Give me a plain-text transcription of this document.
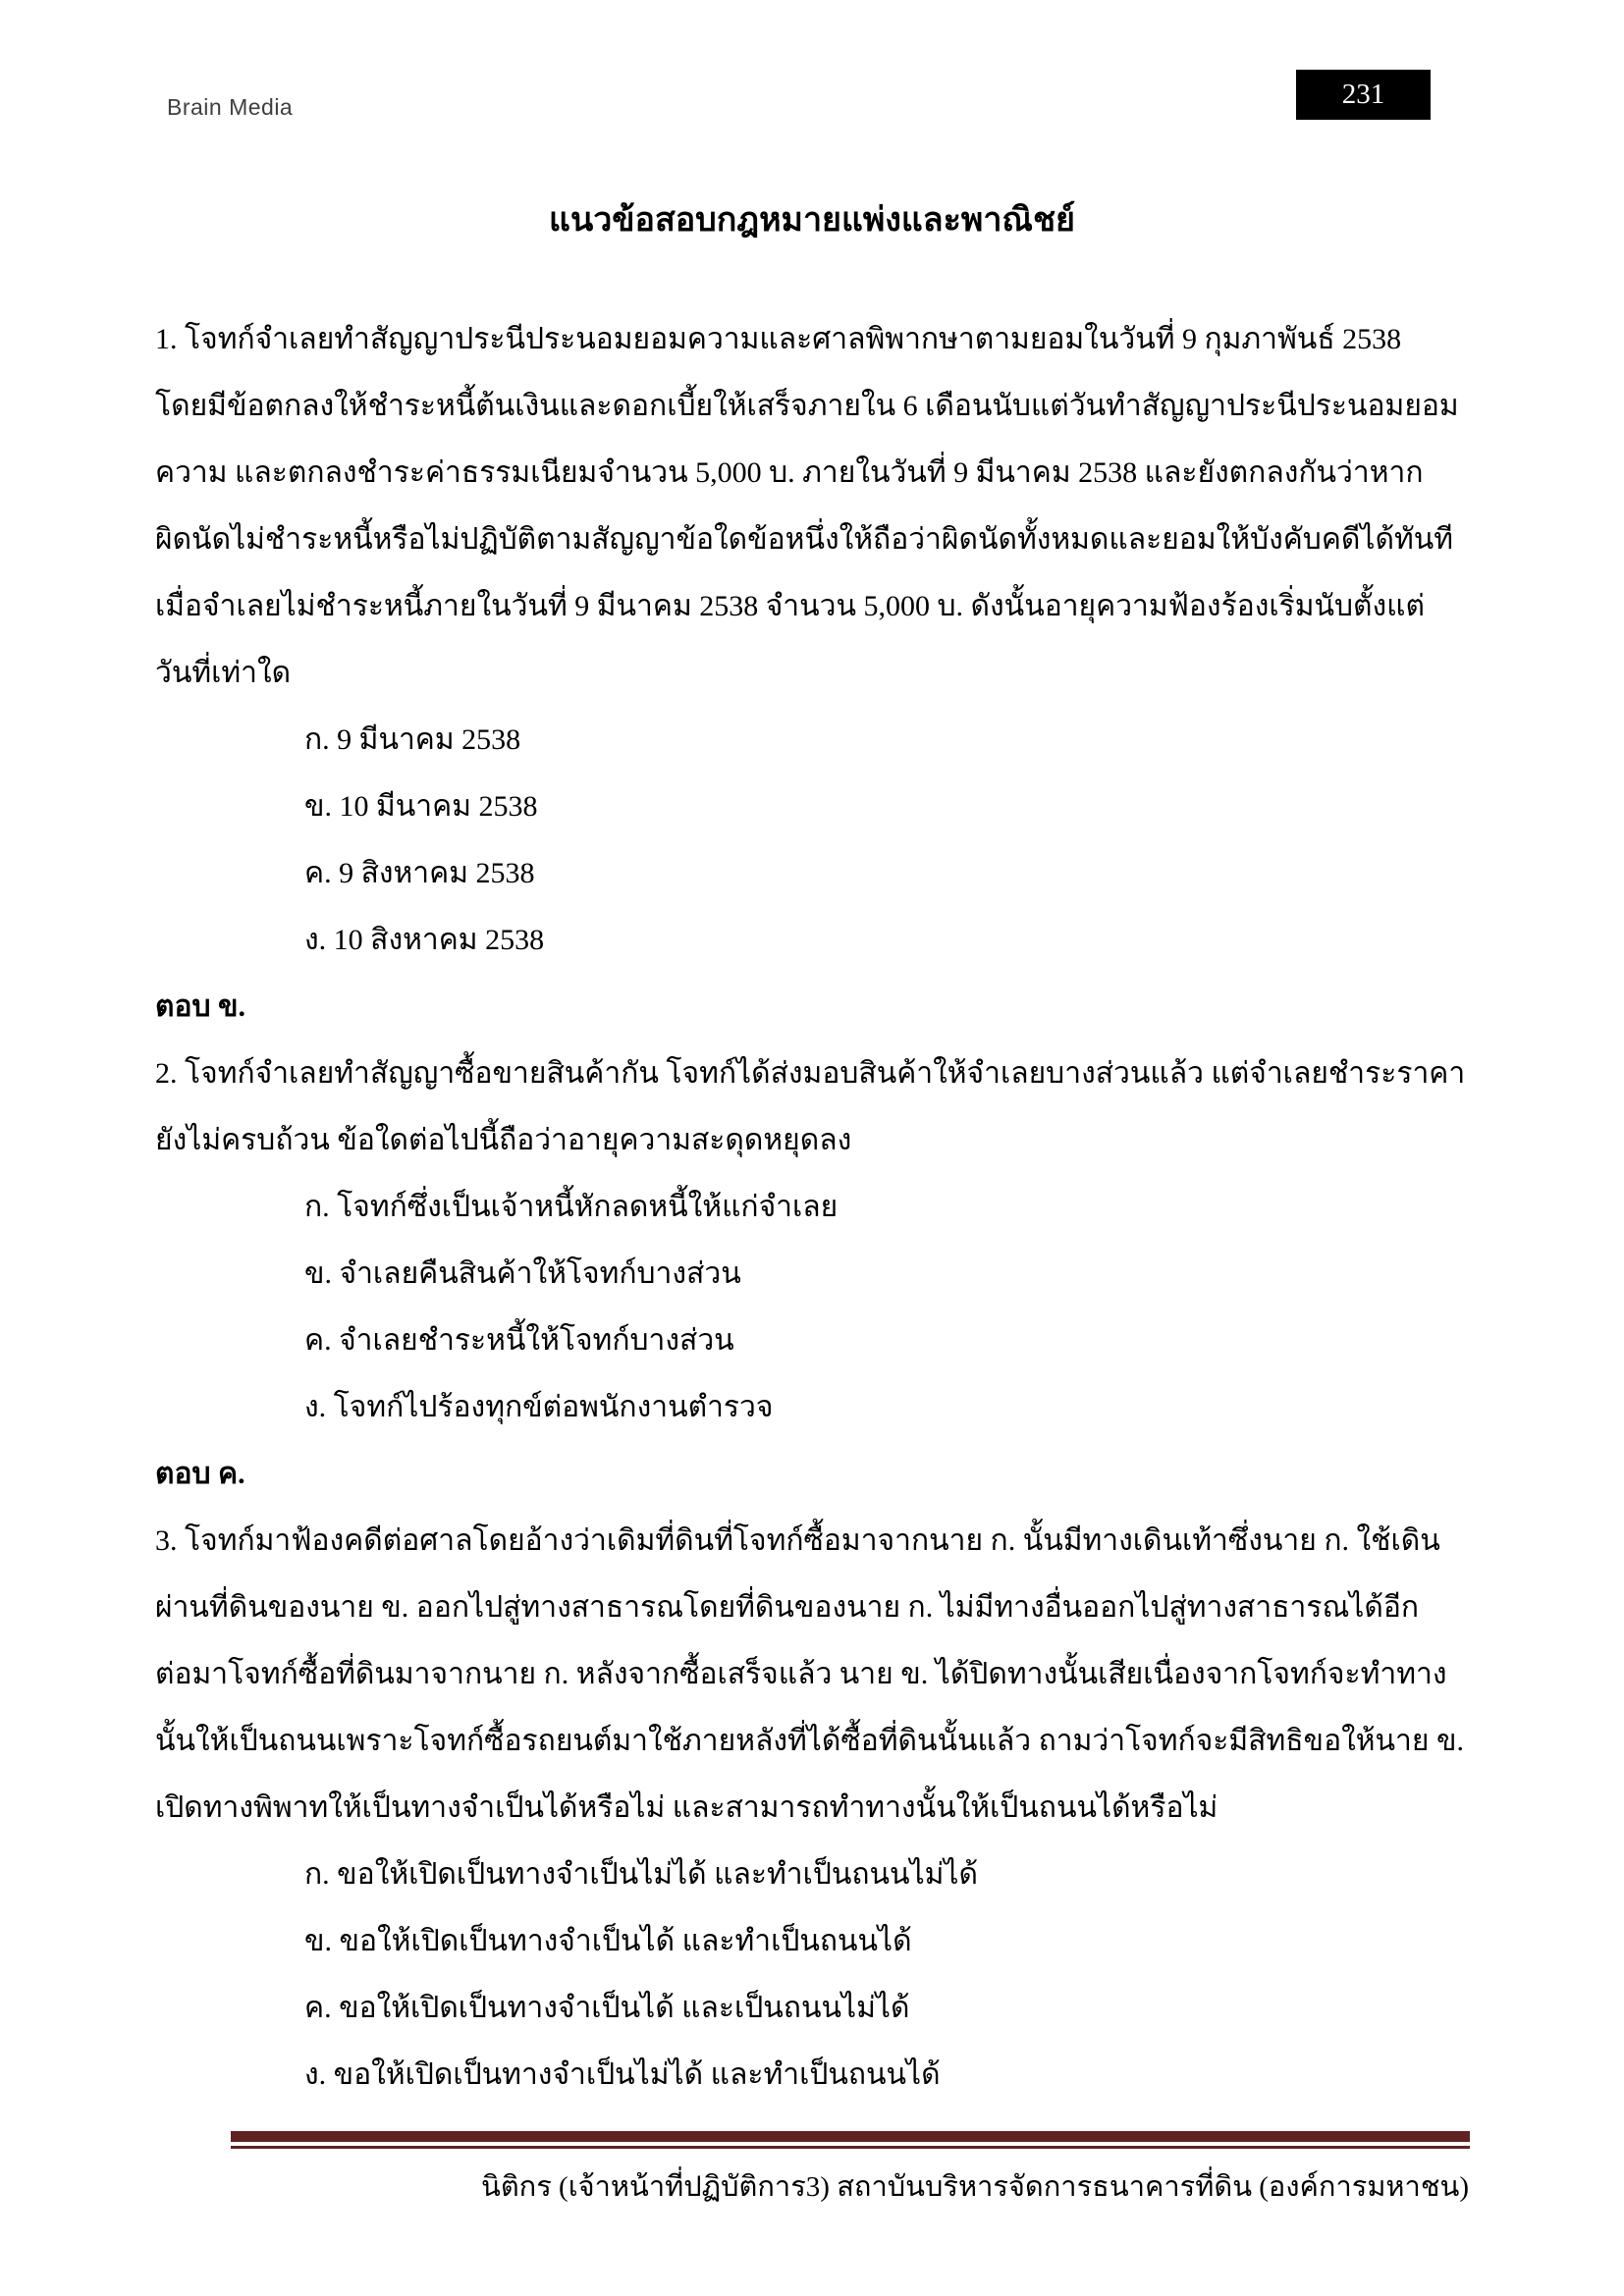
Brain Media	231
แนวข้อสอบกฎหมายแพ่งและพาณิชย์
1. โจทก์จำเลยทำสัญญาประนีประนอมยอมความและศาลพิพากษาตามยอมในวันที่ 9 กุมภาพันธ์ 2538
โดยมีข้อตกลงให้ชำระหนี้ต้นเงินและดอกเบี้ยให้เสร็จภายใน 6 เดือนนับแต่วันทำสัญญาประนีประนอมยอม
ความ และตกลงชำระค่าธรรมเนียมจำนวน 5,000 บ. ภายในวันที่ 9 มีนาคม 2538 และยังตกลงกันว่าหาก
ผิดนัดไม่ชำระหนี้หรือไม่ปฏิบัติตามสัญญาข้อใดข้อหนึ่งให้ถือว่าผิดนัดทั้งหมดและยอมให้บังคับคดีได้ทันที
เมื่อจำเลยไม่ชำระหนี้ภายในวันที่ 9 มีนาคม 2538 จำนวน 5,000 บ. ดังนั้นอายุความฟ้องร้องเริ่มนับตั้งแต่
วันที่เท่าใด
ก. 9 มีนาคม 2538
ข. 10 มีนาคม 2538
ค. 9 สิงหาคม 2538
ง. 10 สิงหาคม 2538
ตอบ ข.
2. โจทก์จำเลยทำสัญญาซื้อขายสินค้ากัน โจทก์ได้ส่งมอบสินค้าให้จำเลยบางส่วนแล้ว แต่จำเลยชำระราคา
ยังไม่ครบถ้วน ข้อใดต่อไปนี้ถือว่าอายุความสะดุดหยุดลง
ก. โจทก์ซึ่งเป็นเจ้าหนี้หักลดหนี้ให้แก่จำเลย
ข. จำเลยคืนสินค้าให้โจทก์บางส่วน
ค. จำเลยชำระหนี้ให้โจทก์บางส่วน
ง. โจทก์ไปร้องทุกข์ต่อพนักงานตำรวจ
ตอบ ค.
3. โจทก์มาฟ้องคดีต่อศาลโดยอ้างว่าเดิมที่ดินที่โจทก์ซื้อมาจากนาย ก. นั้นมีทางเดินเท้าซึ่งนาย ก. ใช้เดิน
ผ่านที่ดินของนาย ข. ออกไปสู่ทางสาธารณโดยที่ดินของนาย ก. ไม่มีทางอื่นออกไปสู่ทางสาธารณได้อีก
ต่อมาโจทก์ซื้อที่ดินมาจากนาย ก. หลังจากซื้อเสร็จแล้ว นาย ข. ได้ปิดทางนั้นเสียเนื่องจากโจทก์จะทำทาง
นั้นให้เป็นถนนเพราะโจทก์ซื้อรถยนต์มาใช้ภายหลังที่ได้ซื้อที่ดินนั้นแล้ว ถามว่าโจทก์จะมีสิทธิขอให้นาย ข.
เปิดทางพิพาทให้เป็นทางจำเป็นได้หรือไม่ และสามารถทำทางนั้นให้เป็นถนนได้หรือไม่
ก. ขอให้เปิดเป็นทางจำเป็นไม่ได้ และทำเป็นถนนไม่ได้
ข. ขอให้เปิดเป็นทางจำเป็นได้ และทำเป็นถนนได้
ค. ขอให้เปิดเป็นทางจำเป็นได้ และเป็นถนนไม่ได้
ง. ขอให้เปิดเป็นทางจำเป็นไม่ได้ และทำเป็นถนนได้
นิติกร (เจ้าหน้าที่ปฏิบัติการ3) สถาบันบริหารจัดการธนาคารที่ดิน (องค์การมหาชน)
